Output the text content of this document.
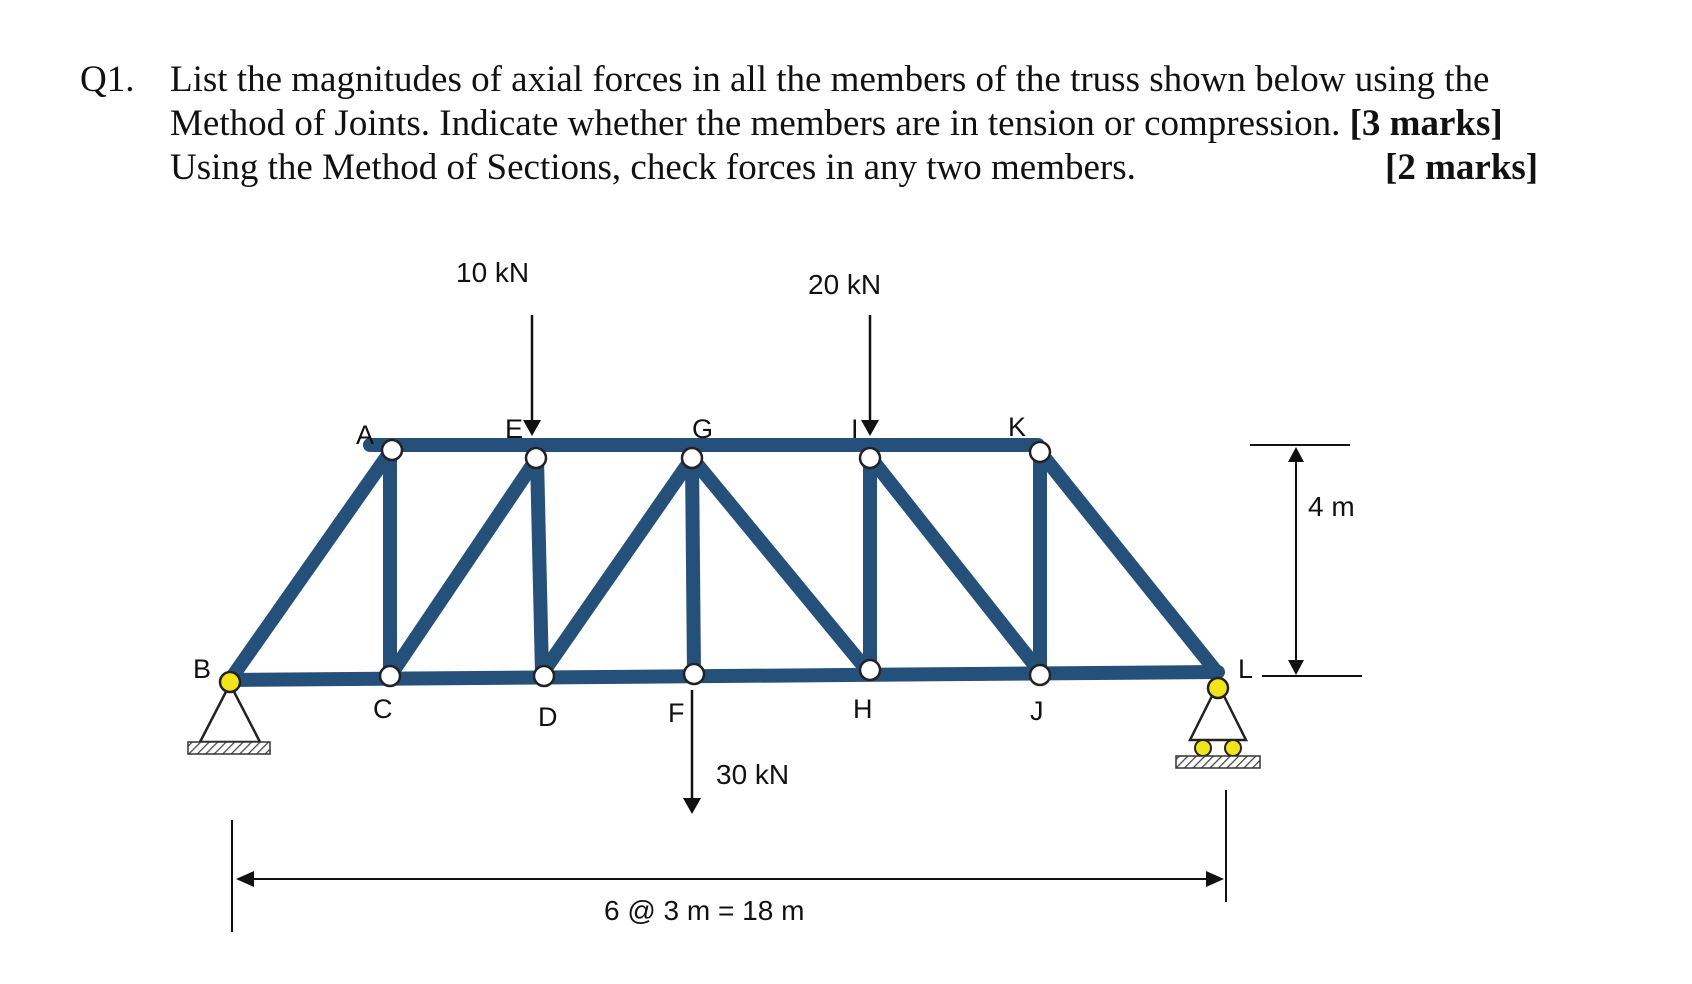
Q1. List the magnitudes of axial forces in all the members of the truss shown below using the
Method of Joints. Indicate whether the members are in tension or compression. [3 marks]
Using the Method of Sections, check forces in any two members.	[2 marks]
A	E	G	I	K
B
C	D	F	H	J
L
10 kN	20 kN
30 kN
4 m
6 @ 3 m = 18 m
